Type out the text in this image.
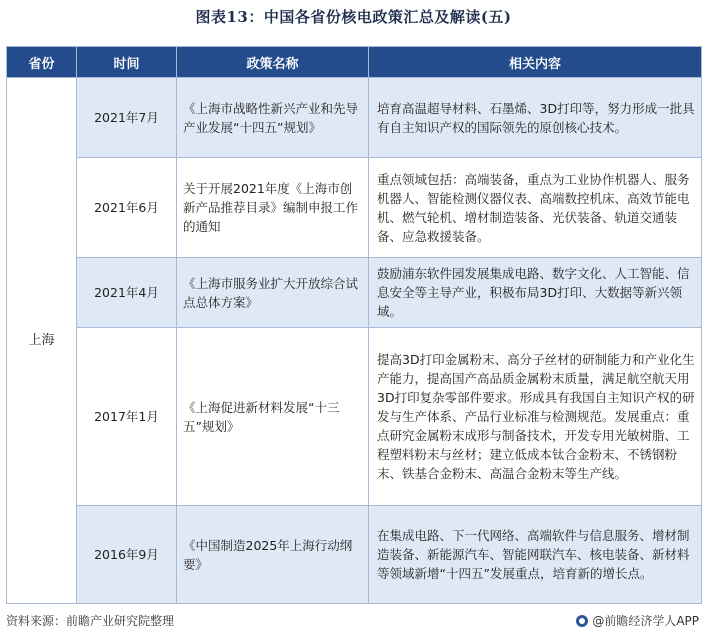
图表13：中国各省份核电政策汇总及解读(五)
省份	时间	政策名称	相关内容
上海	2021年7月	《上海市战略性新兴产业和先导产业发展“十四五”规划》	培育高温超导材料、石墨烯、3D打印等，努力形成一批具有自主知识产权的国际领先的原创核心技术。
	2021年6月	关于开展2021年度《上海市创新产品推荐目录》编制申报工作的通知	重点领域包括：高端装备，重点为工业协作机器人、服务机器人、智能检测仪器仪表、高端数控机床、高效节能电机、燃气轮机、增材制造装备、光伏装备、轨道交通装备、应急救援装备。
	2021年4月	《上海市服务业扩大开放综合试点总体方案》	鼓励浦东软件园发展集成电路、数字文化、人工智能、信息安全等主导产业，积极布局3D打印、大数据等新兴领域。
	2017年1月	《上海促进新材料发展“十三五”规划》	提高3D打印金属粉末、高分子丝材的研制能力和产业化生产能力，提高国产高品质金属粉末质量，满足航空航天用3D打印复杂零部件要求。形成具有我国自主知识产权的研发与生产体系、产品行业标准与检测规范。发展重点：重点研究金属粉末成形与制备技术，开发专用光敏树脂、工程塑料粉末与丝材；建立低成本钛合金粉末、不锈钢粉末、铁基合金粉末、高温合金粉末等生产线。
	2016年9月	《中国制造2025年上海行动纲要》	在集成电路、下一代网络、高端软件与信息服务、增材制造装备、新能源汽车、智能网联汽车、核电装备、新材料等领域新增“十四五”发展重点，培育新的增长点。
资料来源：前瞻产业研究院整理	@前瞻经济学人APP
